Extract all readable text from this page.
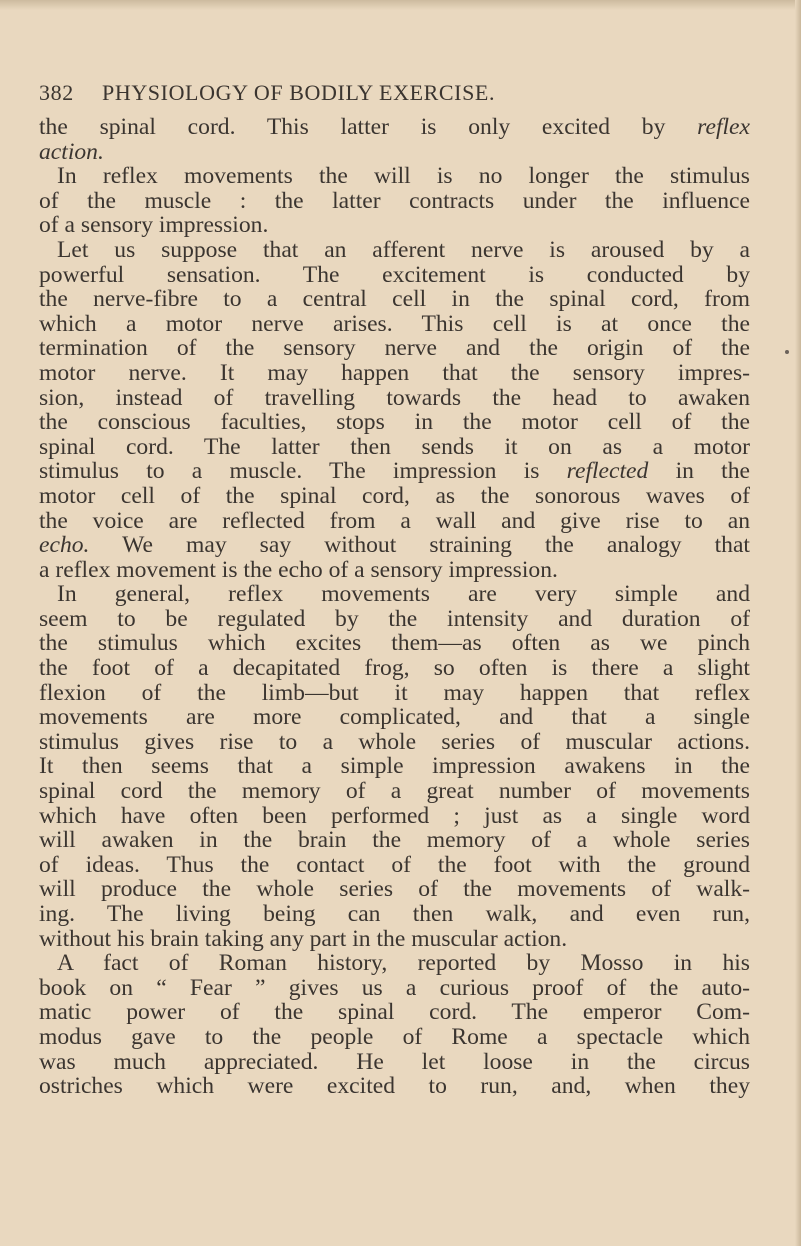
382 PHYSIOLOGY OF BODILY EXERCISE.
the spinal cord. This latter is only excited by reflex
action.
In reflex movements the will is no longer the stimulus
of the muscle : the latter contracts under the influence
of a sensory impression.
Let us suppose that an afferent nerve is aroused by a
powerful sensation. The excitement is conducted by
the nerve-fibre to a central cell in the spinal cord, from
which a motor nerve arises. This cell is at once the
termination of the sensory nerve and the origin of the
motor nerve. It may happen that the sensory impres-
sion, instead of travelling towards the head to awaken
the conscious faculties, stops in the motor cell of the
spinal cord. The latter then sends it on as a motor
stimulus to a muscle. The impression is reflected in the
motor cell of the spinal cord, as the sonorous waves of
the voice are reflected from a wall and give rise to an
echo. We may say without straining the analogy that
a reflex movement is the echo of a sensory impression.
In general, reflex movements are very simple and
seem to be regulated by the intensity and duration of
the stimulus which excites them—as often as we pinch
the foot of a decapitated frog, so often is there a slight
flexion of the limb—but it may happen that reflex
movements are more complicated, and that a single
stimulus gives rise to a whole series of muscular actions.
It then seems that a simple impression awakens in the
spinal cord the memory of a great number of movements
which have often been performed ; just as a single word
will awaken in the brain the memory of a whole series
of ideas. Thus the contact of the foot with the ground
will produce the whole series of the movements of walk-
ing. The living being can then walk, and even run,
without his brain taking any part in the muscular action.
A fact of Roman history, reported by Mosso in his
book on “ Fear ” gives us a curious proof of the auto-
matic power of the spinal cord. The emperor Com-
modus gave to the people of Rome a spectacle which
was much appreciated. He let loose in the circus
ostriches which were excited to run, and, when they
